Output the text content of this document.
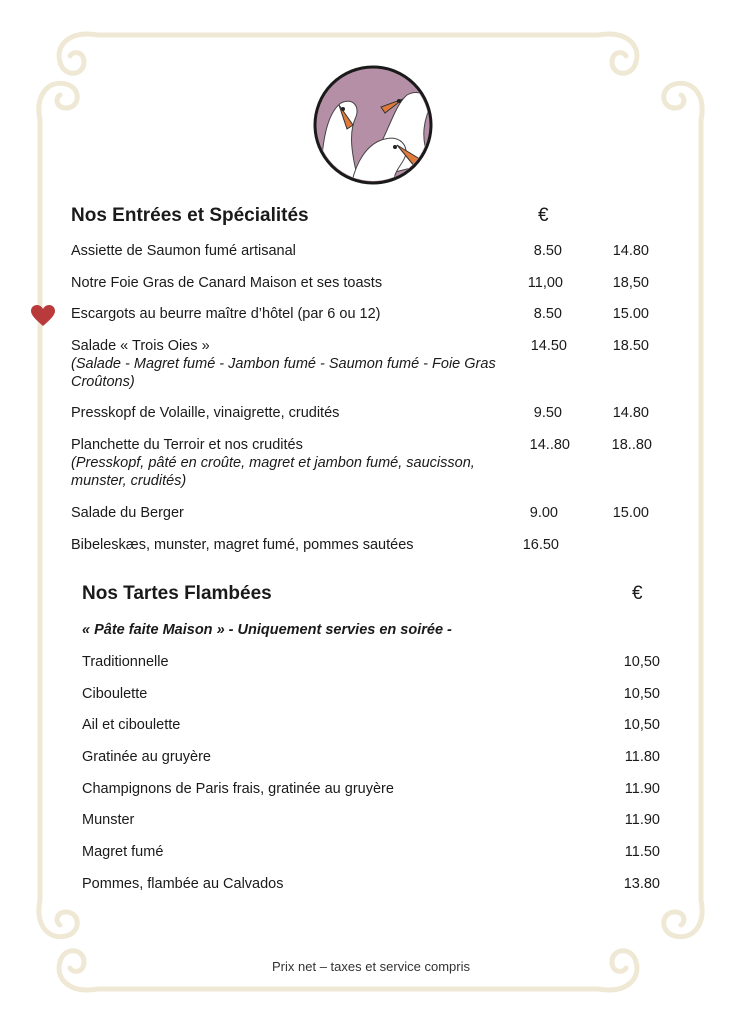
Nos Entrées et Spécialités	€
Assiette de Saumon fumé artisanal	8.50	14.80
Notre Foie Gras de Canard Maison et ses toasts	11,00	18,50
Escargots au beurre maître d’hôtel (par 6 ou 12)	8.50	15.00
Salade « Trois Oies »
(Salade - Magret fumé - Jambon fumé - Saumon fumé - Foie Gras Croûtons)
14.50	18.50
Presskopf de Volaille, vinaigrette, crudités	9.50	14.80
Planchette du Terroir et nos crudités
(Presskopf, pâté en croûte, magret et jambon fumé, saucisson, munster, crudités)
14..80	18..80
Salade du Berger	9.00	15.00
Bibeleskæs, munster, magret fumé, pommes sautées	16.50
Nos Tartes Flambées	€
« Pâte faite Maison » - Uniquement servies en soirée -
Traditionnelle	10,50
Ciboulette	10,50
Ail et ciboulette	10,50
Gratinée au gruyère	11.80
Champignons de Paris frais, gratinée au gruyère	11.90
Munster	11.90
Magret fumé	11.50
Pommes, flambée au Calvados	13.80
Prix net – taxes et service compris
